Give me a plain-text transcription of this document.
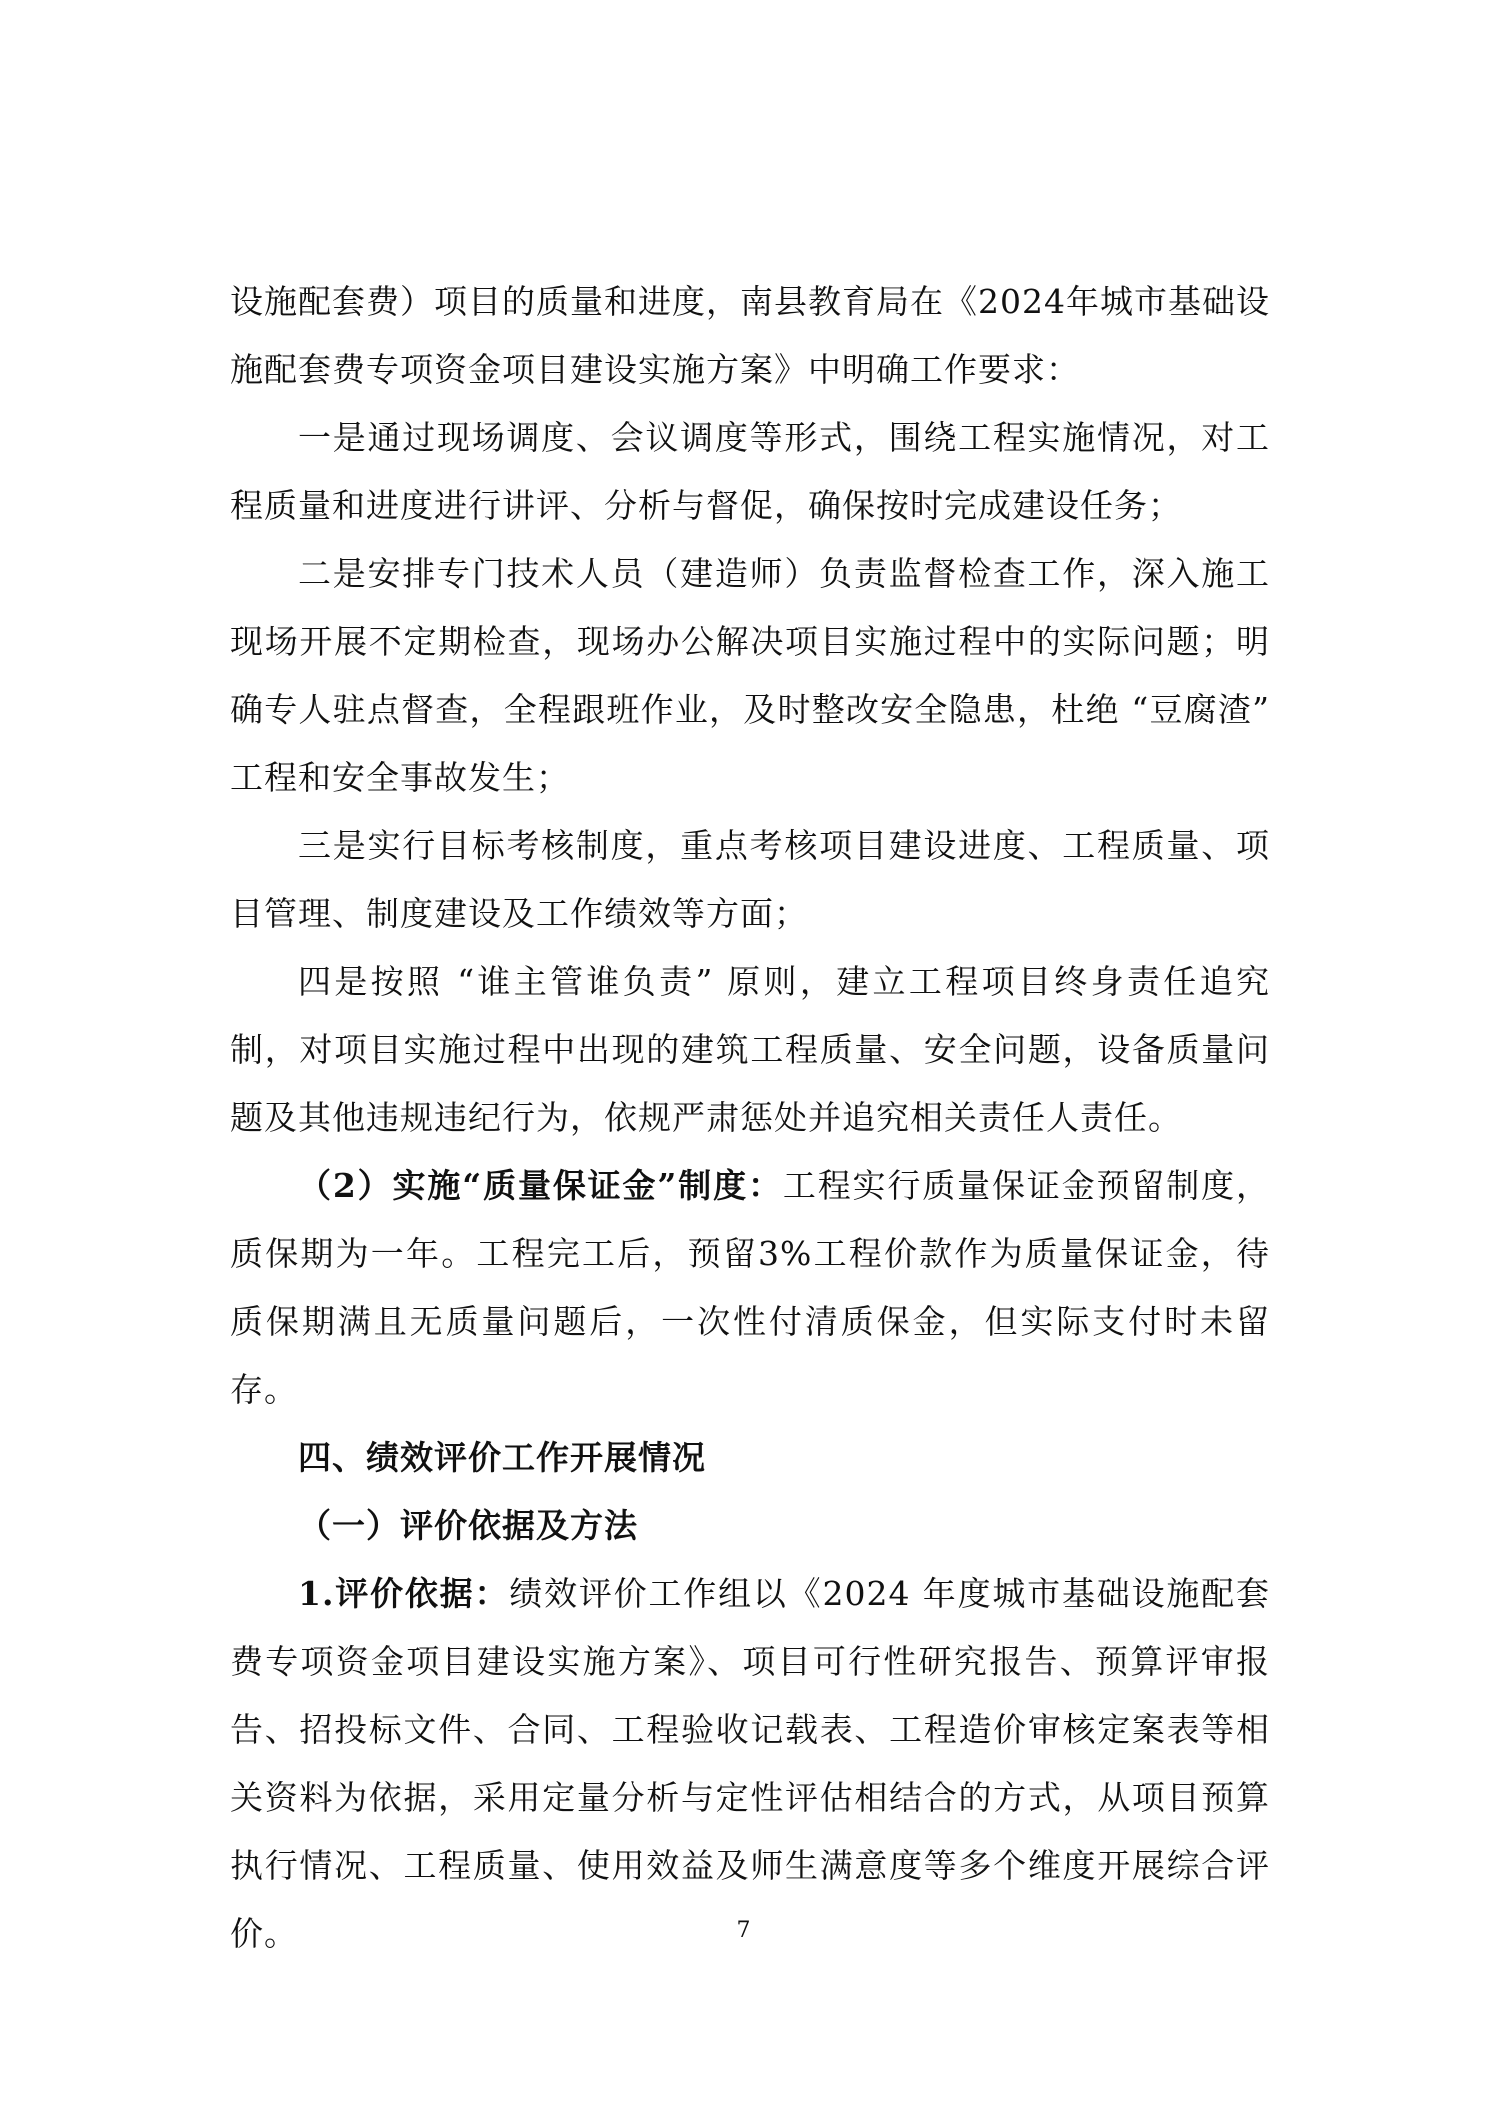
设施配套费）项目的质量和进度，南县教育局在《2024年城市基础设施配套费专项资金项目建设实施方案》中明确工作要求：

一是通过现场调度、会议调度等形式，围绕工程实施情况，对工程质量和进度进行讲评、分析与督促，确保按时完成建设任务；

二是安排专门技术人员（建造师）负责监督检查工作，深入施工现场开展不定期检查，现场办公解决项目实施过程中的实际问题；明确专人驻点督查，全程跟班作业，及时整改安全隐患，杜绝 “豆腐渣” 工程和安全事故发生；

三是实行目标考核制度，重点考核项目建设进度、工程质量、项目管理、制度建设及工作绩效等方面；

四是按照 “谁主管谁负责” 原则，建立工程项目终身责任追究制，对项目实施过程中出现的建筑工程质量、安全问题，设备质量问题及其他违规违纪行为，依规严肃惩处并追究相关责任人责任。

（2）实施“质量保证金”制度：工程实行质量保证金预留制度，质保期为一年。工程完工后，预留3%工程价款作为质量保证金，待质保期满且无质量问题后，一次性付清质保金，但实际支付时未留存。

四、绩效评价工作开展情况

（一）评价依据及方法

1.评价依据：绩效评价工作组以《2024 年度城市基础设施配套费专项资金项目建设实施方案》、项目可行性研究报告、预算评审报告、招投标文件、合同、工程验收记载表、工程造价审核定案表等相关资料为依据，采用定量分析与定性评估相结合的方式，从项目预算执行情况、工程质量、使用效益及师生满意度等多个维度开展综合评价。	7
